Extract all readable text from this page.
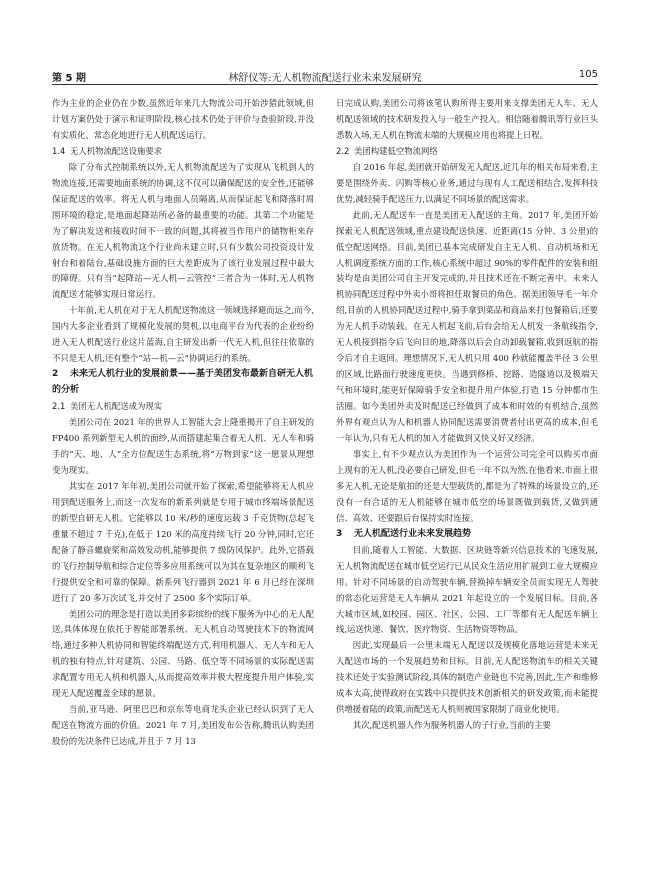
第 5 期	林舒仪等:无人机物流配送行业未来发展研究	105

作为主业的企业仍在少数,虽然近年来几大物流公司开始涉猎此领域,但计划方案仍处于演示和证明阶段,核心技术仍处于评价与查验阶段,并没有实质化、常态化地进行无人机配送运行。

1.4 无人机物流配送设施要求

除了分布式控制系统以外,无人机物流配送为了实现从飞机到人的物流连接,还需要地面系统的协调,这不仅可以确保配送的安全性,还能够保证配送的效率。将无人机与地面人员隔离,从而保证起飞和降落时周围环境的稳定,是地面起降站所必备的最重要的功能。其第二个功能是为了解决发送和接收时间不一致的问题,其将被当作用户的储物柜来存放货物。在无人机物流这个行业尚未建立时,只有少数公司投资设计发射台和着陆台,基础设施方面的巨大差距成为了该行业发展过程中最大的障碍。只有当“起降站—无人机—云管控”三者合为一体时,无人机物流配送才能够实现日常运行。

十年前,无人机在对于无人机配送物流这一领域选择避而远之,而今,国内大多企业看到了规模化发展的契机,以电商平台为代表的企业纷纷进入无人机配送行业这片蓝海,自主研发出新一代无人机,但往往依靠的不只是无人机,还有整个“站—机—云”协调运行的系统。

2 未来无人机行业的发展前景——基于美团发布最新自研无人机的分析
2.1 美团无人机配送成为现实

美团公司在 2021 年的世界人工智能大会上隆重揭开了自主研发的 FP400 系列新型无人机的面纱,从而搭建起集合着无人机、无人车和骑手的“天、地、人”全方位配送生态系统,将“万物到家”这一愿景从理想变为现实。

其实在 2017 年年初,美团公司就开始了探索,希望能够将无人机应用到配送服务上,而这一次发布的新系列就是专用于城市终端场景配送的新型自研无人机。它能够以 10 米/秒的速度运载 3 千克货物(总起飞重量不超过 7 千克),在低于 120 米的高度持续飞行 20 分钟,同时,它还配备了静音螺旋桨和高效发动机,能够提供 7 级防风保护。此外,它搭载的飞行控制导航和综合定位等多应用系统可以为其在复杂地区的顺利飞行提供安全和可靠的保障。新系列飞行器到 2021 年 6 月已经在深圳进行了 20 多万次试飞,并交付了 2500 多个实际订单。

美团公司的理念是打造以美团多彩缤纷的线下服务为中心的无人配送,具体体现在依托于智能部署系统、无人机自动驾驶技术下的物流网络,通过多种人机协同和智能终端配送方式,利用机器人、无人车和无人机的独有特点,针对建筑、公园、马路、低空等不同场景的实际配送需求配置专用无人机和机器人,从而提高效率并极大程度提升用户体验,实现无人配送覆盖全球的愿景。

当前,亚马逊、阿里巴巴和京东等电商龙头企业已经认识到了无人配送在物流方面的价值。2021 年 7 月,美团发布公告称,腾讯认购美团股份的先决条件已达成,并且于 7 月 13

日完成认购,美团公司将该笔认购所得主要用来支撑美团无人车、无人机配送领域的技术研发投入与一般生产投入。相信随着腾讯等行业巨头悉数入场,无人机在物流末端的大规模应用也将提上日程。

2.2 美团构建低空物流网络

自 2016 年起,美团就开始研发无人配送,近几年的相关布局来看,主要是围绕外卖、闪购等核心业务,通过与现有人工配送相结合,发挥科技优势,减轻骑手配送压力,以满足不同场景的配送需求。

此前,无人配送车一直是美团无人配送的主角。2017 年,美团开始探索无人机配送领域,重点建设配送快速、近距离(15 分钟、3 公里)的低空配送网络。目前,美团已基本完成研发自主无人机、自动机场和无人机调度系统方面的工作,核心系统中超过 90%的零件配件的安装和组装均是由美团公司自主开发完成的,并且技术还在不断完善中。未来人机协同配送过程中外卖小哥将担任取餐员的角色。据美团领导毛一年介绍,目前的人机协同配送过程中,骑手拿到菜品和商品来打包餐箱后,还要为无人机手动装载。在无人机起飞前,后台会给无人机发一条航线指令,无人机接到指令后飞向目的地,降落以后会自动卸载餐箱,收到返航的指令后才自主返回。理想情况下,无人机只用 400 秒就能覆盖半径 3 公里的区域,比路面行驶速度更快。当遇到修桥、挖路、造隧道以及极端天气和环境时,能更好保障骑手安全和提升用户体验,打造 15 分钟都市生活圈。如今美团外卖及时配送已经做到了成本和时效的有机结合,虽然外界有观点认为人和机器人协同配送需要消费者付出更高的成本,但毛一年认为,只有无人机的加入才能做到又快又好又经济。

事实上,有不少观点认为美团作为一个运营公司完全可以购买市面上现有的无人机,没必要自己研发,但毛一年不以为然,在他看来,市面上很多无人机,无论是航拍的还是大型载货的,都是为了特殊的场景设立的,还没有一台合适的无人机能够在城市低空的场景既做到载货,又做到通信、高效、还要跟后台保持实时连接。

3 无人机配送行业未来发展趋势

目前,随着人工智能、大数据、区块链等新兴信息技术的飞速发展,无人机物流配送在城市低空运行已从民众生活应用扩展到工业大规模应用。针对不同场景的自动驾驶车辆,替换掉车辆安全员而实现无人驾驶的常态化运营是无人车辆从 2021 年起设立的一个发展目标。目前,各大城市区域,如校园、园区、社区、公园、工厂等都有无人配送车辆上线,运送快递、餐饮、医疗物资、生活物资等物品。

因此,实现最后一公里末端无人配送以及规模化落地运营是未来无人配送市场的一个发展趋势和目标。目前,无人配送物流车的相关关键技术还处于实验测试阶段,具体的制造产业链也不完善,因此,生产和维修成本太高,使得政府在实践中只提供技术创新相关的研发政策,而未能提供增援着陆的政策,而配送无人机则被国家限制了商业化使用。

其次,配送机器人作为服务机器人的子行业,当前的主要
